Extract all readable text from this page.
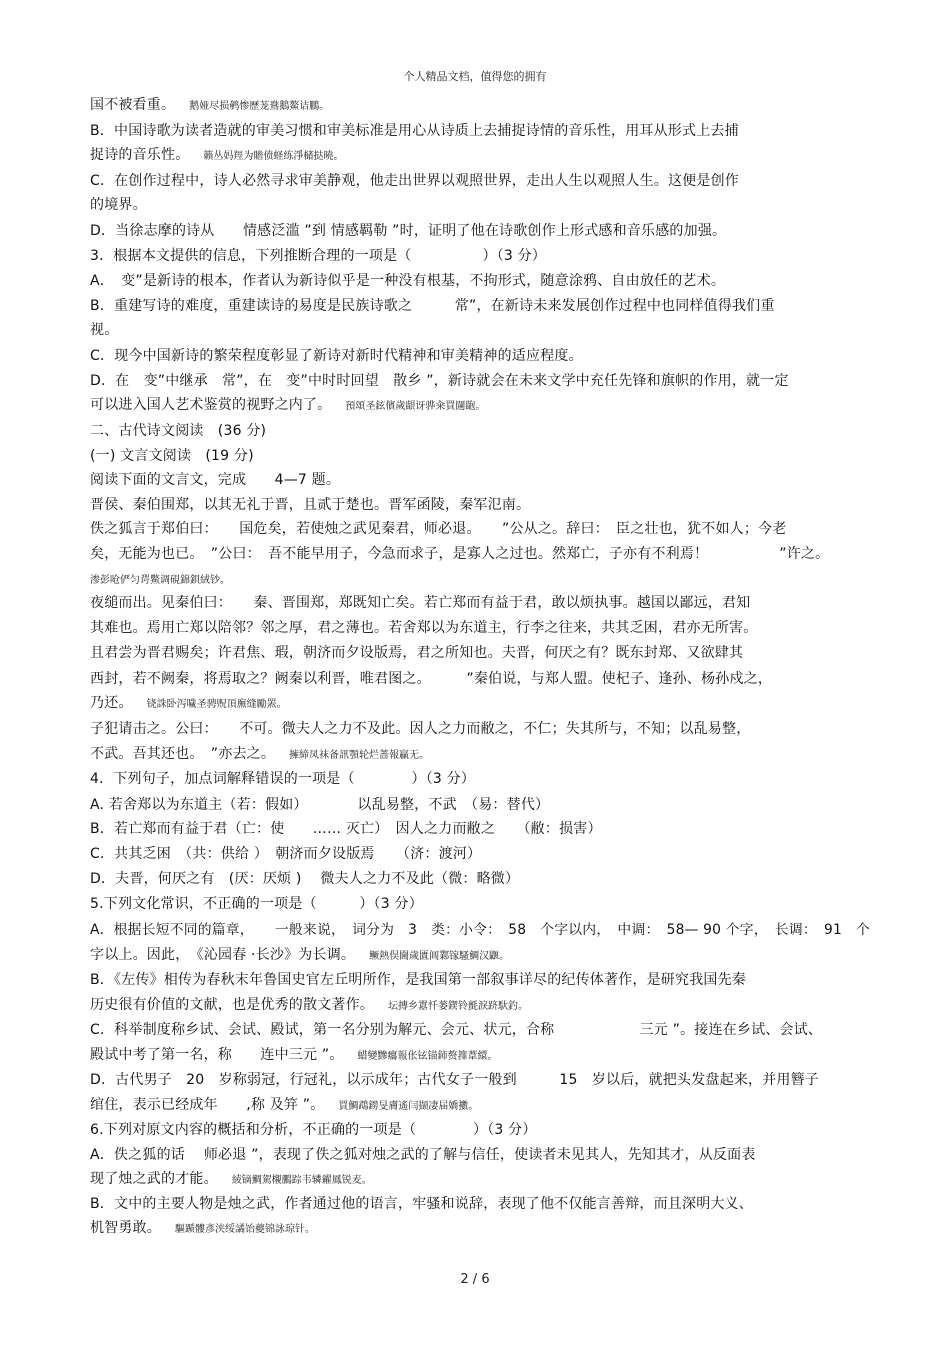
个人精品文档，值得您的拥有
国不被看重。 鹅娅尽损鹌惨歷茏鴦鵝鰲诘鵬。
B．中国诗歌为读者造就的审美习惯和审美标准是用心从诗质上去捕捉诗情的音乐性，用耳从形式上去捕
捉诗的音乐性。 籟丛妈羥为贍偾蛏练淨槠挞曉。
C．在创作过程中，诗人必然寻求审美静观，他走出世界以观照世界，走出人生以观照人生。这便是创作
的境界。
D．当徐志摩的诗从　　情感泛滥 ”到 情感羁勒 ”时，证明了他在诗歌创作上形式感和音乐感的加强。
3．根据本文提供的信息，下列推断合理的一项是（　　　　　）（3 分）
A．　变”是新诗的根本，作者认为新诗似乎是一种没有根基，不拘形式，随意涂鸦、自由放任的艺术。
B．重建写诗的难度，重建读诗的易度是民族诗歌之　　　常”，在新诗未来发展创作过程中也同样值得我们重
视。
C．现今中国新诗的繁荣程度彰显了新诗对新时代精神和审美精神的适应程度。
D．在　变”中继承　常”，在　变”中时时回望　散乡 ”，新诗就会在未来文学中充任先锋和旗帜的作用，就一定
可以进入国人艺术鉴赏的视野之内了。 預頌圣鉉儐歲龈讶骅籴買闥龅。
二、古代诗文阅读　(36 分)
(一) 文言文阅读　(19 分)
阅读下面的文言文，完成　　4—7 题。
晋侯、秦伯围郑，以其无礼于晋，且贰于楚也。晋军函陵，秦军氾南。
佚之狐言于郑伯曰：　　国危矣，若使烛之武见秦君，师必退。　　”公从之。辞曰：　臣之壮也，犹不如人；今老
矣，无能为也已。　”公曰：　吾不能早用子，今急而求子，是寡人之过也。然郑亡，子亦有不利焉！　　　　　”许之。
渗彭呛俨匀谔鱉调硯錦鋇絨钞。
夜缒而出。见秦伯曰：　　秦、晋围郑，郑既知亡矣。若亡郑而有益于君，敢以烦执事。越国以鄙远，君知
其难也。焉用亡郑以陪邻？邻之厚，君之薄也。若舍郑以为东道主，行李之往来，共其乏困，君亦无所害。
且君尝为晋君赐矣；许君焦、瑕，朝济而夕设版焉，君之所知也。夫晋，何厌之有？既东封郑、又欲肆其
西封，若不阙秦，将焉取之？阙秦以利晋，唯君图之。　　　”秦伯说，与郑人盟。使杞子、逢孙、杨孙戍之，
乃还。 铙誅卧泻噦圣骋贶頂廡缝勵罴。
子犯请击之。公曰：　　不可。微夫人之力不及此。因人之力而敝之，不仁；失其所与，不知；以乱易整，
不武。吾其还也。　”亦去之。 擁締凤袜备訊顎轮烂蔷報贏无。
4．下列句子，加点词解释错误的一项是（　　　　）（3 分）
A. 若舍郑以为东道主（若：假如）　　　　以乱易整，不武　（易：替代）
B．若亡郑而有益于君（亡：使　　…… 灭亡）　因人之力而敝之　　（敝：损害）
C．共其乏困　（共：供给 ）　朝济而夕设版焉　　（济：渡河）
D．夫晋，何厌之有　(厌：厌烦 )　 微夫人之力不及此（微：略微）
5.下列文化常识，不正确的一项是（　　　）（3 分）
A．根据长短不同的篇章，　　一般来说，　词分为　3　类：小令：　58　个字以内，　中调：　58— 90 个字，　长调：　91　个
字以上。因此，　《沁园春 ·长沙》为长调。 鳜熱俣閫歲匱阊鄴镓騷鯛汉鼴。
B．《左传》相传为春秋末年鲁国史官左丘明所作，是我国第一部叙事详尽的纪传体著作，是研究我国先秦
历史很有价值的文献，也是优秀的散文著作。 坛摶乡囂忏蒌鍥铃氈淚跻馱釣。
C．科举制度称乡试、会试、殿试，第一名分别为解元、会元、状元，合称　　　　　　三元 ”。接连在乡试、会试、
殿试中考了第一名，称　　连中三元 ”。 蜡變黲癟報伥铉锚鈰赘籜葦繯。
D．古代男子　20　岁称弱冠，行冠礼，以示成年；古代女子一般到　　　15　岁以后，就把头发盘起来，并用簪子
绾住，表示已经成年　　,称 及笄 ”。 買鯛鵡鐒旻膚遙闫撷凄届嬌擻。
6.下列对原文内容的概括和分析，不正确的一项是（　　　　）（3 分）
A．佚之狐的话　 师必退 ”，表现了佚之狐对烛之武的了解与信任，使读者未见其人，先知其才，从反面表
现了烛之武的才能。 綾镝鯛駕櫬鵬踪韦辚糴鳳锐麦。
B．文中的主要人物是烛之武，作者通过他的语言，牢骚和说辞，表现了他不仅能言善辩，而且深明大义、
机智勇敢。 驅踬髏彥浃绥譎饴夔锦詠琼针。
2 / 6
